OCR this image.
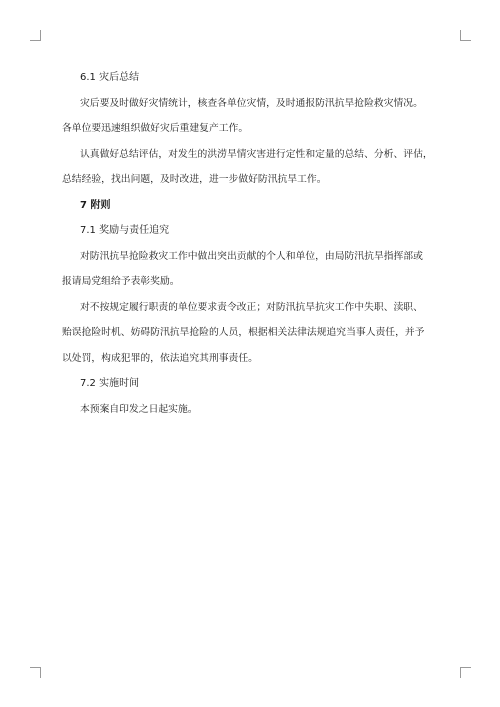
6.1 灾后总结
灾后要及时做好灾情统计，核查各单位灾情，及时通报防汛抗旱抢险救灾情况。
各单位要迅速组织做好灾后重建复产工作。
认真做好总结评估，对发生的洪涝旱情灾害进行定性和定量的总结、分析、评估，
总结经验，找出问题，及时改进，进一步做好防汛抗旱工作。
7 附则
7.1 奖励与责任追究
对防汛抗旱抢险救灾工作中做出突出贡献的个人和单位，由局防汛抗旱指挥部或
报请局党组给予表彰奖励。
对不按规定履行职责的单位要求责令改正；对防汛抗旱抗灾工作中失职、渎职、
贻误抢险时机、妨碍防汛抗旱抢险的人员，根据相关法律法规追究当事人责任，并予
以处罚，构成犯罪的，依法追究其刑事责任。
7.2 实施时间
本预案自印发之日起实施。
